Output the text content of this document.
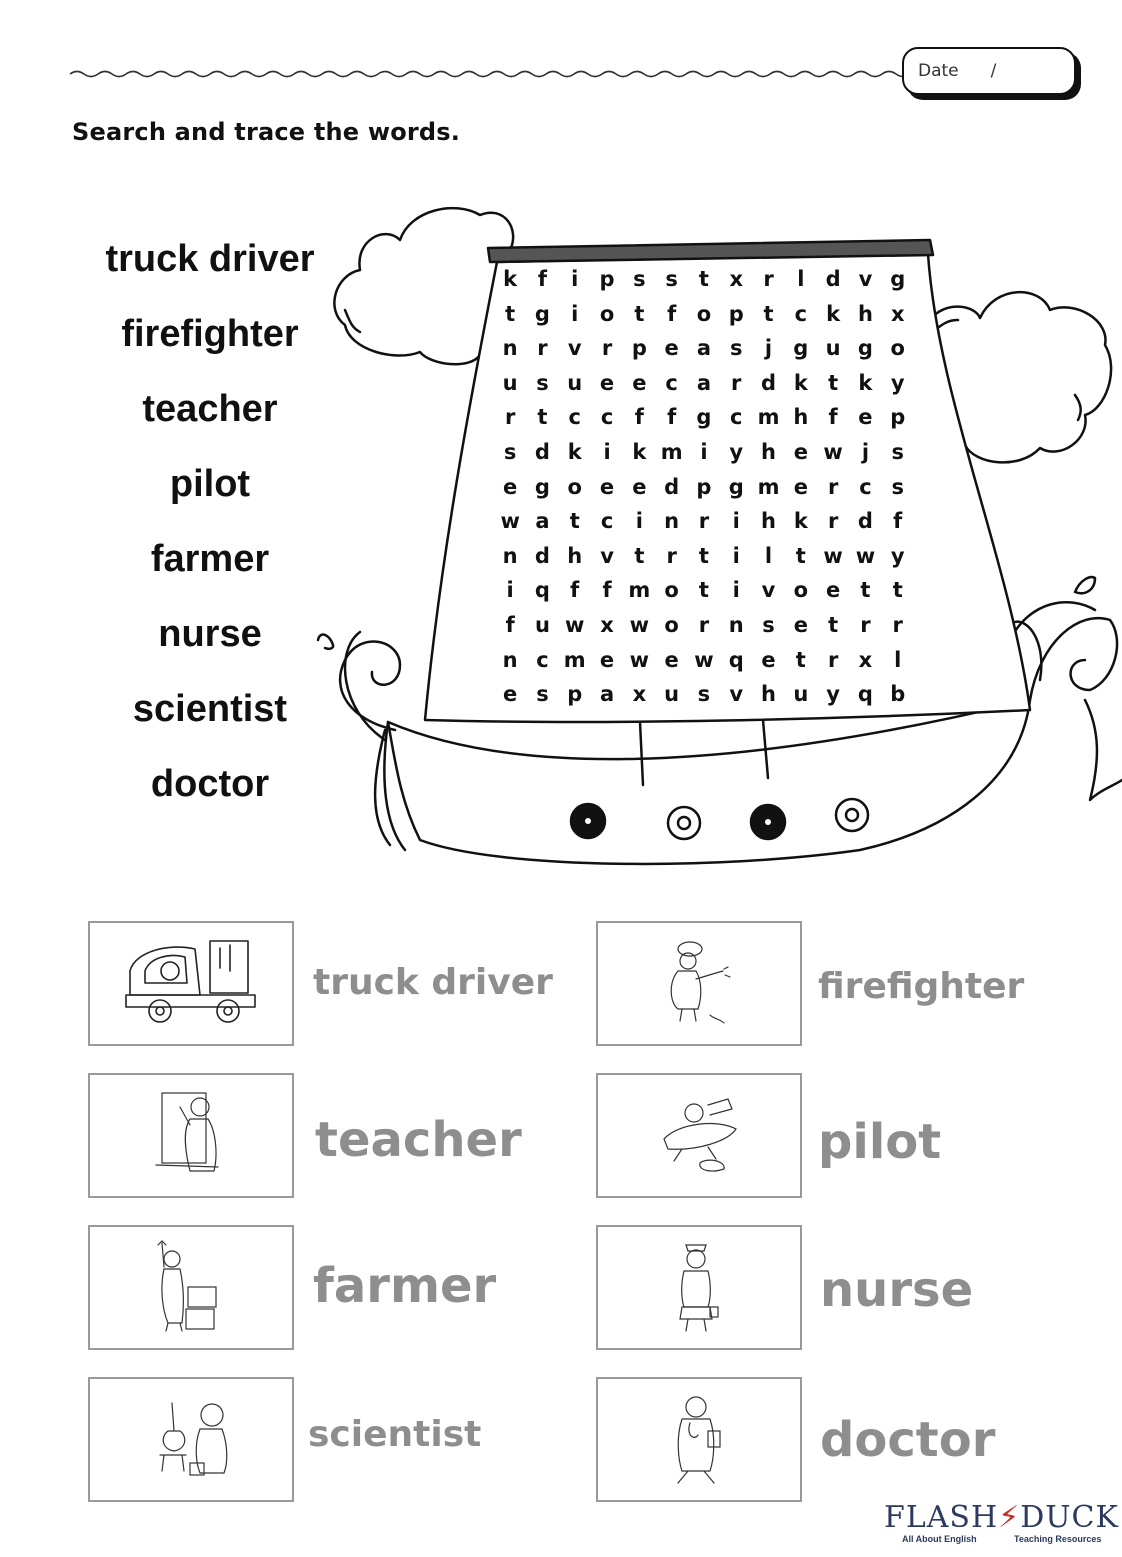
Date /
Search and trace the words.
truck driver
firefighter
teacher
pilot
farmer
nurse
scientist
doctor
k f	i	p s s	t x r	l	d v g
t g	i	o t	f o p t	c k h x
n r v r p e a s	j	g u g o
u s u e e c a r d k t k y
r	t	c c	f	f g c m h f e p
s d k	i	k m i	y h e w j	s
e g o e e d p g m e r c s
w a t	c	i	n r	i	h k r d f
n d h v t	r	t	i	l	t w w y
i	q f	f m o t	i	v o e t	t
f u w x w o r n s e t	r	r
n c m e w e w q e t	r x	l
e s p a x u s v h u y q b
truck driver	firefighter
teacher	pilot
farmer	nurse
scientist	doctor
FLASH⚡DUCK
All About English	Teaching Resources
